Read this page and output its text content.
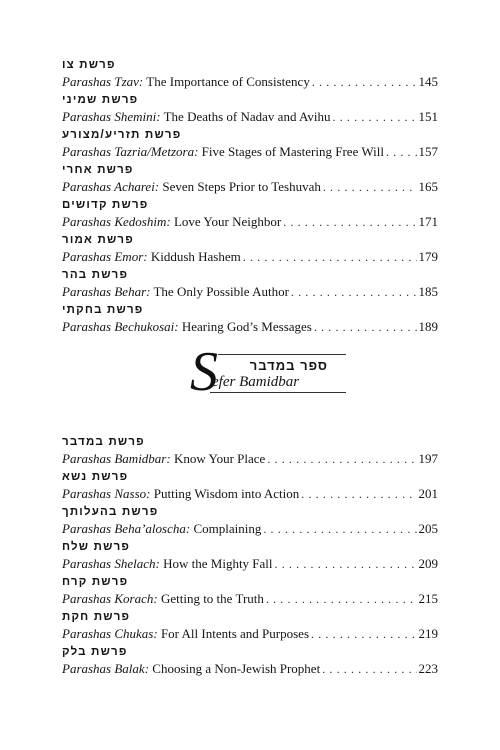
פרשת צו
Parashas Tzav: The Importance of Consistency . . .	145
פרשת שמיני
Parashas Shemini: The Deaths of Nadav and Avihu . . .	151
פרשת תזריע/מצורע
Parashas Tazria/Metzora: Five Stages of Mastering Free Will . . .	157
פרשת אחרי
Parashas Acharei: Seven Steps Prior to Teshuvah . . .	165
פרשת קדושים
Parashas Kedoshim: Love Your Neighbor . . .	171
פרשת אמור
Parashas Emor: Kiddush Hashem . . .	179
פרשת בהר
Parashas Behar: The Only Possible Author . . .	185
פרשת בחקתי
Parashas Bechukosai: Hearing God’s Messages . . .	189
S ספר במדבר
efer Bamidbar
פרשת במדבר
Parashas Bamidbar: Know Your Place . . .	197
פרשת נשא
Parashas Nasso: Putting Wisdom into Action . . .	201
פרשת בהעלותך
Parashas Beha’aloscha: Complaining . . .	205
פרשת שלח
Parashas Shelach: How the Mighty Fall . . .	209
פרשת קרח
Parashas Korach: Getting to the Truth . . .	215
פרשת חקת
Parashas Chukas: For All Intents and Purposes . . .	219
פרשת בלק
Parashas Balak: Choosing a Non-Jewish Prophet . . .	223
